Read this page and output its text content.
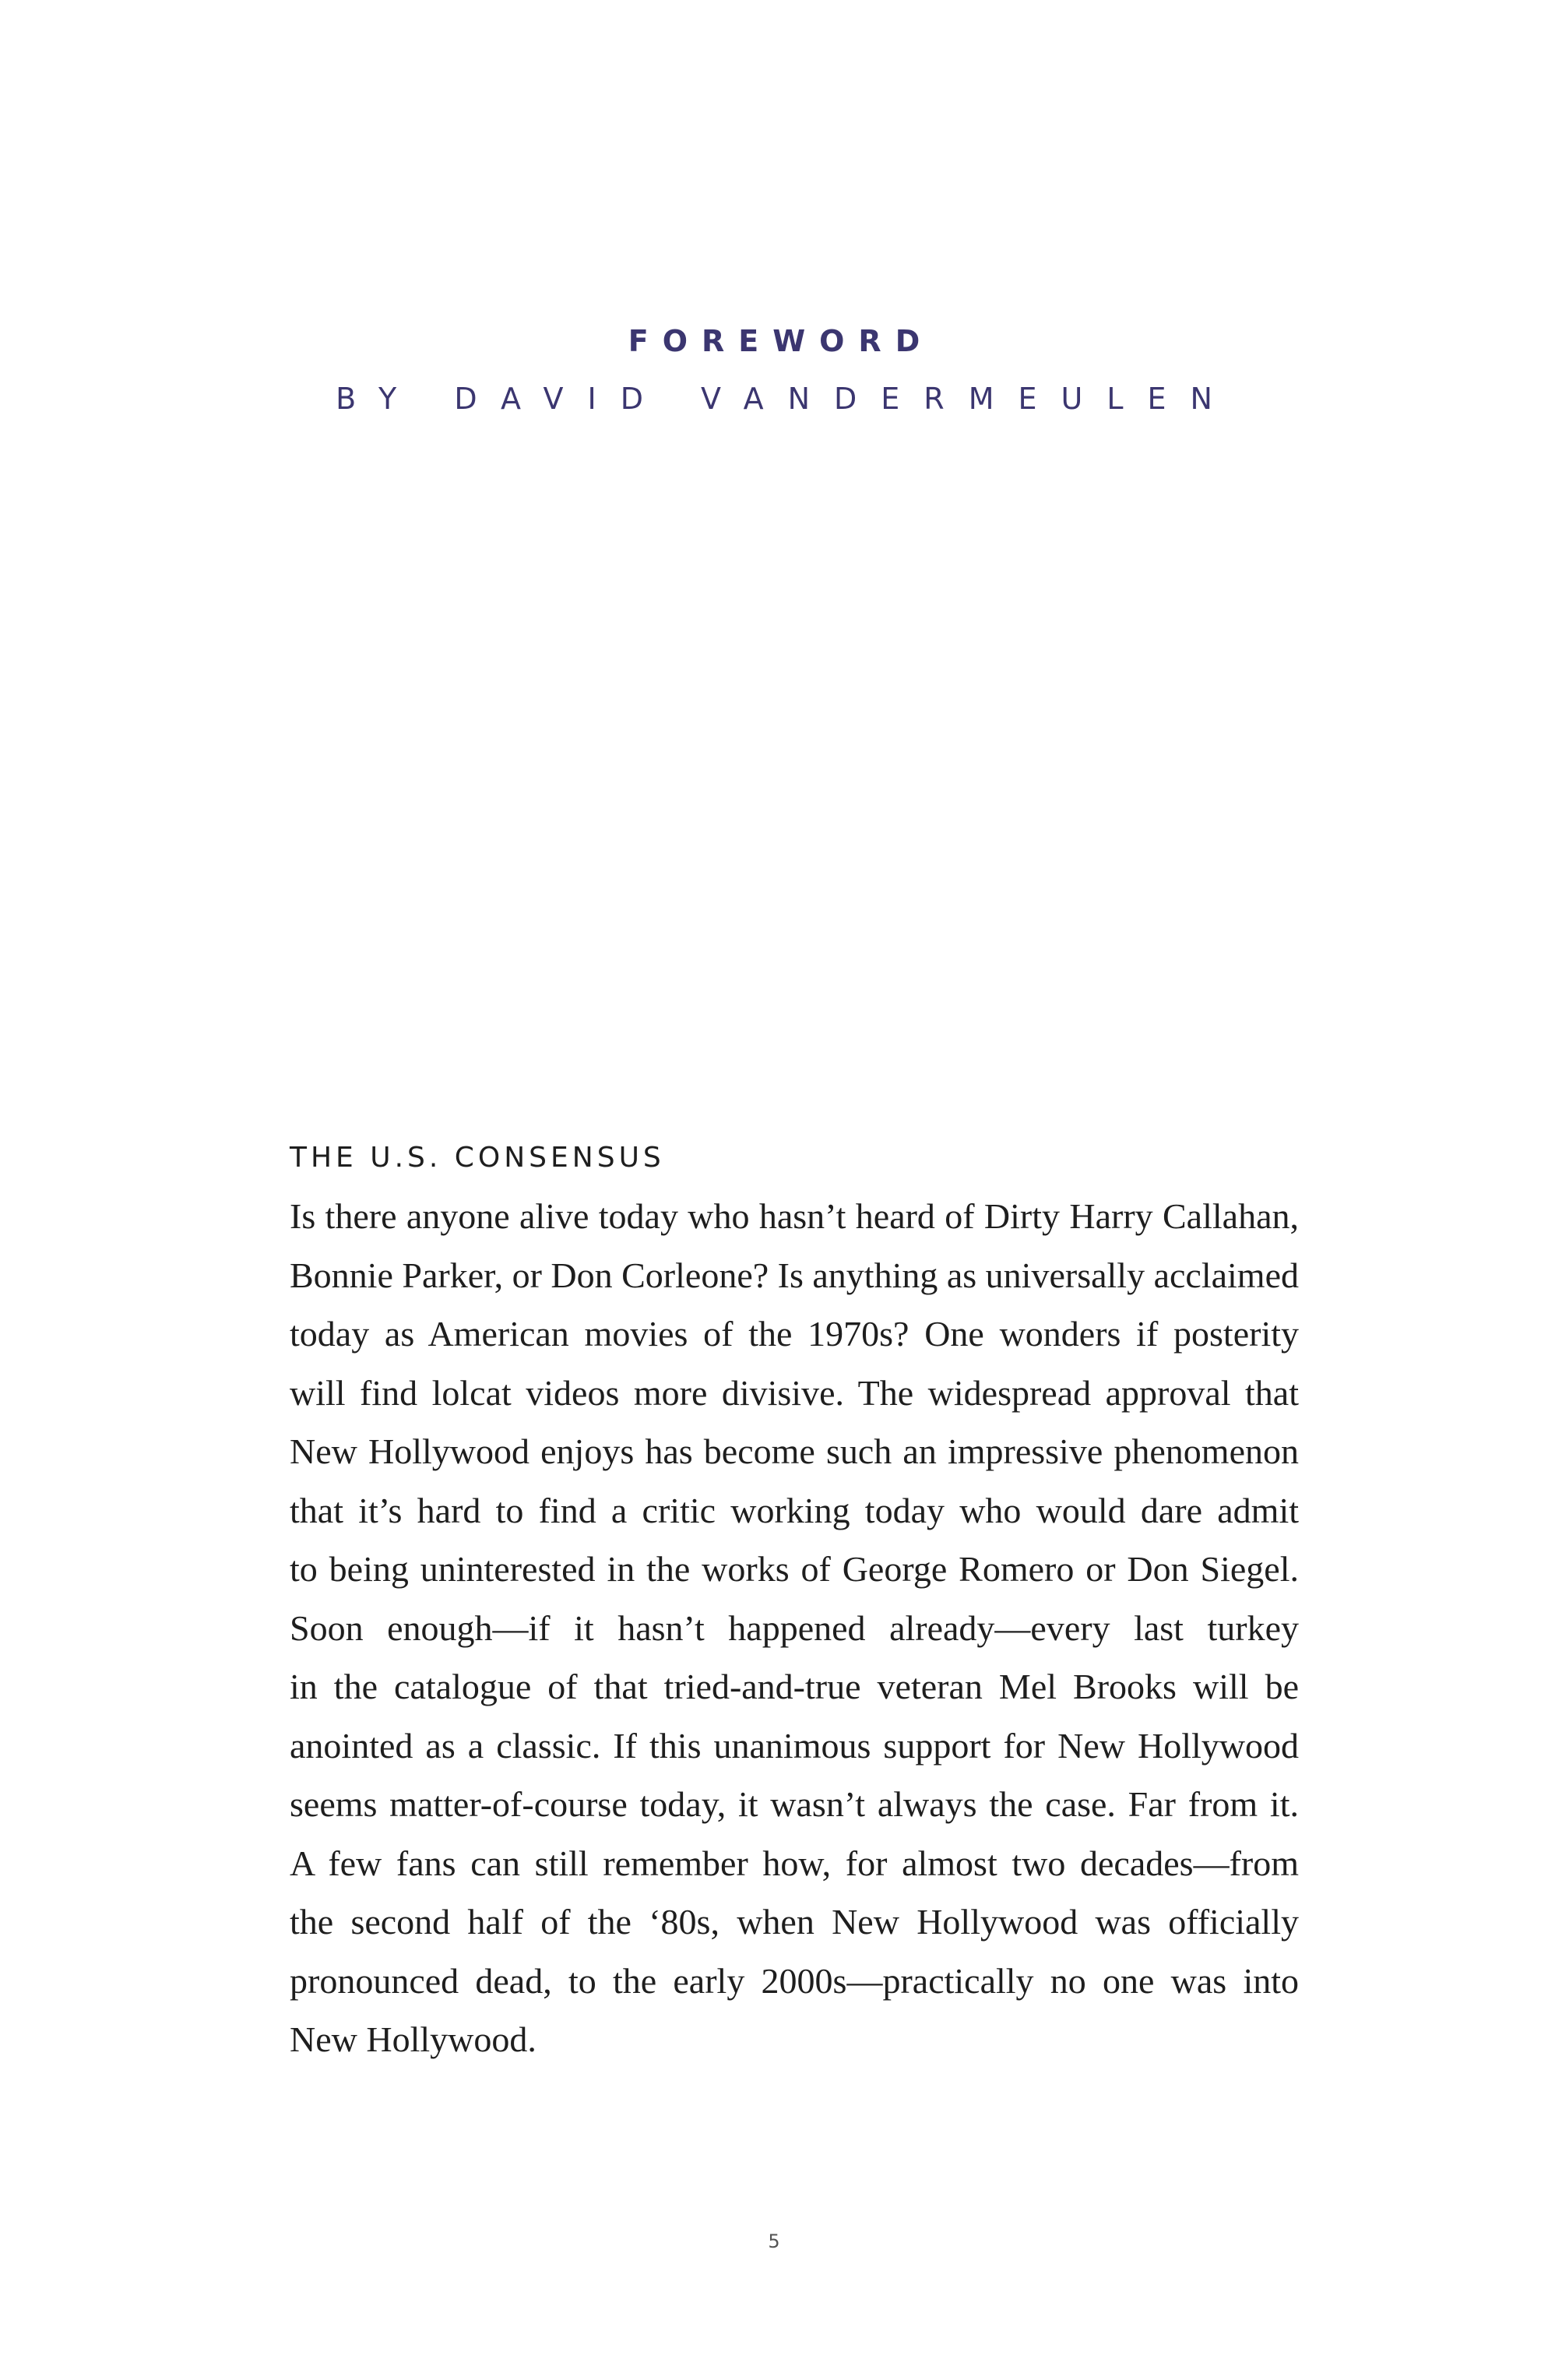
FOREWORD
BY DAVID VANDERMEULEN
THE U.S. CONSENSUS
Is there anyone alive today who hasn’t heard of Dirty Harry Callahan,
Bonnie Parker, or Don Corleone? Is anything as universally acclaimed
today as American movies of the 1970s? One wonders if posterity
will find lolcat videos more divisive. The widespread approval that
New Hollywood enjoys has become such an impressive phenomenon
that it’s hard to find a critic working today who would dare admit
to being uninterested in the works of George Romero or Don Siegel.
Soon enough—if it hasn’t happened already—every last turkey
in the catalogue of that tried-and-true veteran Mel Brooks will be
anointed as a classic. If this unanimous support for New Hollywood
seems matter-of-course today, it wasn’t always the case. Far from it.
A few fans can still remember how, for almost two decades—from
the second half of the ‘80s, when New Hollywood was officially
pronounced dead, to the early 2000s—practically no one was into
New Hollywood.
5
